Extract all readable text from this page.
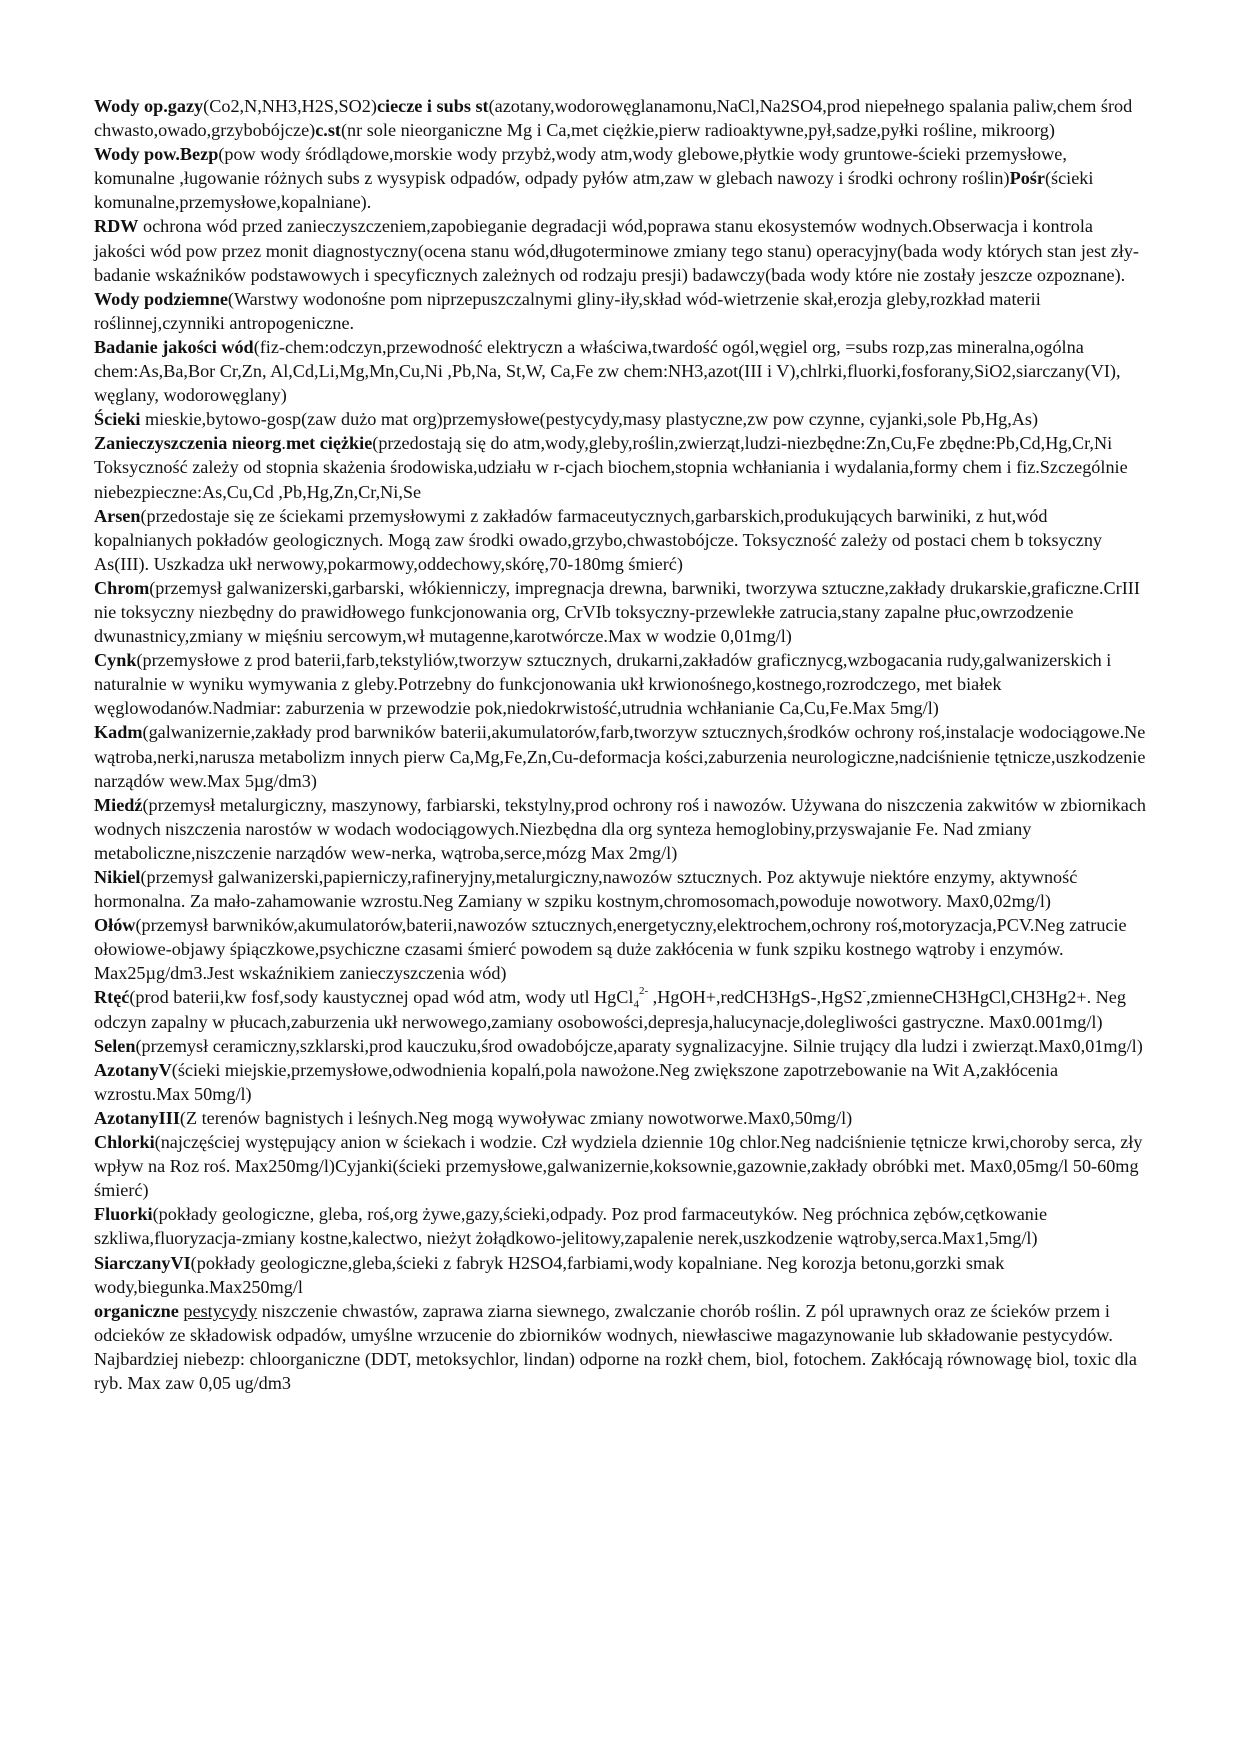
Wody op.gazy(Co2,N,NH3,H2S,SO2)ciecze i subs st(azotany,wodorowęglanamonu,NaCl,Na2SO4,prod niepełnego spalania paliw,chem środ chwasto,owado,grzybobójcze)c.st(nr sole nieorganiczne Mg i Ca,met ciężkie,pierw radioaktywne,pył,sadze,pyłki rośline, mikroorg)
Wody pow.Bezp(pow wody śródlądowe,morskie wody przybż,wody atm,wody glebowe,płytkie wody gruntowe-ścieki przemysłowe, komunalne ,ługowanie różnych subs z wysypisk odpadów, odpady pyłów atm,zaw w glebach nawozy i środki ochrony roślin)Pośr(ścieki komunalne,przemysłowe,kopalniane).
RDW ochrona wód przed zanieczyszczeniem,zapobieganie degradacji wód,poprawa stanu ekosystemów wodnych.Obserwacja i kontrola jakości wód pow przez monit diagnostyczny(ocena stanu wód,długoterminowe zmiany tego stanu) operacyjny(bada wody których stan jest zły-badanie wskaźników podstawowych i specyficznych zależnych od rodzaju presji) badawczy(bada wody które nie zostały jeszcze ozpoznane).
Wody podziemne(Warstwy wodonośne pom niprzepuszczalnymi gliny-iły,skład wód-wietrzenie skał,erozja gleby,rozkład materii roślinnej,czynniki antropogeniczne.
Badanie jakości wód(fiz-chem:odczyn,przewodność elektryczn a właściwa,twardość ogól,węgiel org, =subs rozp,zas mineralna,ogólna chem:As,Ba,Bor Cr,Zn, Al,Cd,Li,Mg,Mn,Cu,Ni ,Pb,Na, St,W, Ca,Fe zw chem:NH3,azot(III i V),chlrki,fluorki,fosforany,SiO2,siarczany(VI), węglany, wodorowęglany)
Ścieki mieskie,bytowo-gosp(zaw dużo mat org)przemysłowe(pestycydy,masy plastyczne,zw pow czynne, cyjanki,sole Pb,Hg,As)
Zanieczyszczenia nieorg.met ciężkie(przedostają się do atm,wody,gleby,roślin,zwierząt,ludzi-niezbędne:Zn,Cu,Fe zbędne:Pb,Cd,Hg,Cr,Ni Toksyczność zależy od stopnia skażenia środowiska,udziału w r-cjach biochem,stopnia wchłaniania i wydalania,formy chem i fiz.Szczególnie niebezpieczne:As,Cu,Cd ,Pb,Hg,Zn,Cr,Ni,Se
Arsen(przedostaje się ze ściekami przemysłowymi z zakładów farmaceutycznych,garbarskich,produkujących barwiniki, z hut,wód kopalnianych pokładów geologicznych. Mogą zaw środki owado,grzybo,chwastobójcze. Toksyczność zależy od postaci chem b toksyczny As(III). Uszkadza ukł nerwowy,pokarmowy,oddechowy,skórę,70-180mg śmierć)
Chrom(przemysł galwanizerski,garbarski, włókienniczy, impregnacja drewna, barwniki, tworzywa sztuczne,zakłady drukarskie,graficzne.CrIII nie toksyczny niezbędny do prawidłowego funkcjonowania org, CrVIb toksyczny-przewlekłe zatrucia,stany zapalne płuc,owrzodzenie dwunastnicy,zmiany w mięśniu sercowym,wł mutagenne,karotwórcze.Max w wodzie 0,01mg/l)
Cynk(przemysłowe z prod baterii,farb,tekstyliów,tworzyw sztucznych, drukarni,zakładów graficznycg,wzbogacania rudy,galwanizerskich i naturalnie w wyniku wymywania z gleby.Potrzebny do funkcjonowania ukł krwionośnego,kostnego,rozrodczego, met białek węglowodanów.Nadmiar: zaburzenia w przewodzie pok,niedokrwistość,utrudnia wchłanianie Ca,Cu,Fe.Max 5mg/l)
Kadm(galwanizernie,zakłady prod barwników baterii,akumulatorów,farb,tworzyw sztucznych,środków ochrony roś,instalacje wodociągowe.Ne wątroba,nerki,narusza metabolizm innych pierw Ca,Mg,Fe,Zn,Cu-deformacja kości,zaburzenia neurologiczne,nadciśnienie tętnicze,uszkodzenie narządów wew.Max 5µg/dm3)
Miedź(przemysł metalurgiczny, maszynowy, farbiarski, tekstylny,prod ochrony roś i nawozów. Używana do niszczenia zakwitów w zbiornikach wodnych niszczenia narostów w wodach wodociągowych.Niezbędna dla org synteza hemoglobiny,przyswajanie Fe. Nad zmiany metaboliczne,niszczenie narządów wew-nerka, wątroba,serce,mózg Max 2mg/l)
Nikiel(przemysł galwanizerski,papierniczy,rafineryjny,metalurgiczny,nawozów sztucznych. Poz aktywuje niektóre enzymy, aktywność hormonalna. Za mało-zahamowanie wzrostu.Neg Zamiany w szpiku kostnym,chromosomach,powoduje nowotwory. Max0,02mg/l)
Ołów(przemysł barwników,akumulatorów,baterii,nawozów sztucznych,energetyczny,elektrochem,ochrony roś,motoryzacja,PCV.Neg zatrucie ołowiowe-objawy śpiączkowe,psychiczne czasami śmierć powodem są duże zakłócenia w funk szpiku kostnego wątroby i enzymów. Max25µg/dm3.Jest wskaźnikiem zanieczyszczenia wód)
Rtęć(prod baterii,kw fosf,sody kaustycznej opad wód atm, wody utl HgCl$_4^{2-}$ ,HgOH+,redCH3HgS-,HgS2-,zmienneCH3HgCl,CH3Hg2+. Neg odczyn zapalny w płucach,zaburzenia ukł nerwowego,zamiany osobowości,depresja,halucynacje,dolegliwości gastryczne. Max0.001mg/l)
Selen(przemysł ceramiczny,szklarski,prod kauczuku,środ owadobójcze,aparaty sygnalizacyjne. Silnie trujący dla ludzi i zwierząt.Max0,01mg/l)
AzotanyV(ścieki miejskie,przemysłowe,odwodnienia kopalń,pola nawożone.Neg zwiększone zapotrzebowanie na Wit A,zakłócenia wzrostu.Max 50mg/l)
AzotanyIII(Z terenów bagnistych i leśnych.Neg mogą wywoływac zmiany nowotworwe.Max0,50mg/l)
Chlorki(najczęściej występujący anion w ściekach i wodzie. Czł wydziela dziennie 10g chlor.Neg nadciśnienie tętnicze krwi,choroby serca, zły wpływ na Roz roś. Max250mg/l)Cyjanki(ścieki przemysłowe,galwanizernie,koksownie,gazownie,zakłady obróbki met. Max0,05mg/l 50-60mg śmierć)
Fluorki(pokłady geologiczne, gleba, roś,org żywe,gazy,ścieki,odpady. Poz prod farmaceutyków. Neg próchnica zębów,cętkowanie szkliwa,fluoryzacja-zmiany kostne,kalectwo, nieżyt żołądkowo-jelitowy,zapalenie nerek,uszkodzenie wątroby,serca.Max1,5mg/l)
SiarczanyVI(pokłady geologiczne,gleba,ścieki z fabryk H2SO4,farbiami,wody kopalniane. Neg korozja betonu,gorzki smak wody,biegunka.Max250mg/l
organiczne pestycydy niszczenie chwastów, zaprawa ziarna siewnego, zwalczanie chorób roślin. Z pól uprawnych oraz ze ścieków przem i odcieków ze składowisk odpadów, umyślne wrzucenie do zbiorników wodnych, niewłasciwe magazynowanie lub składowanie pestycydów. Najbardziej niebezp: chloorganiczne (DDT, metoksychlor, lindan) odporne na rozkł chem, biol, fotochem. Zakłócają równowagę biol, toxic dla ryb. Max zaw 0,05 ug/dm3
